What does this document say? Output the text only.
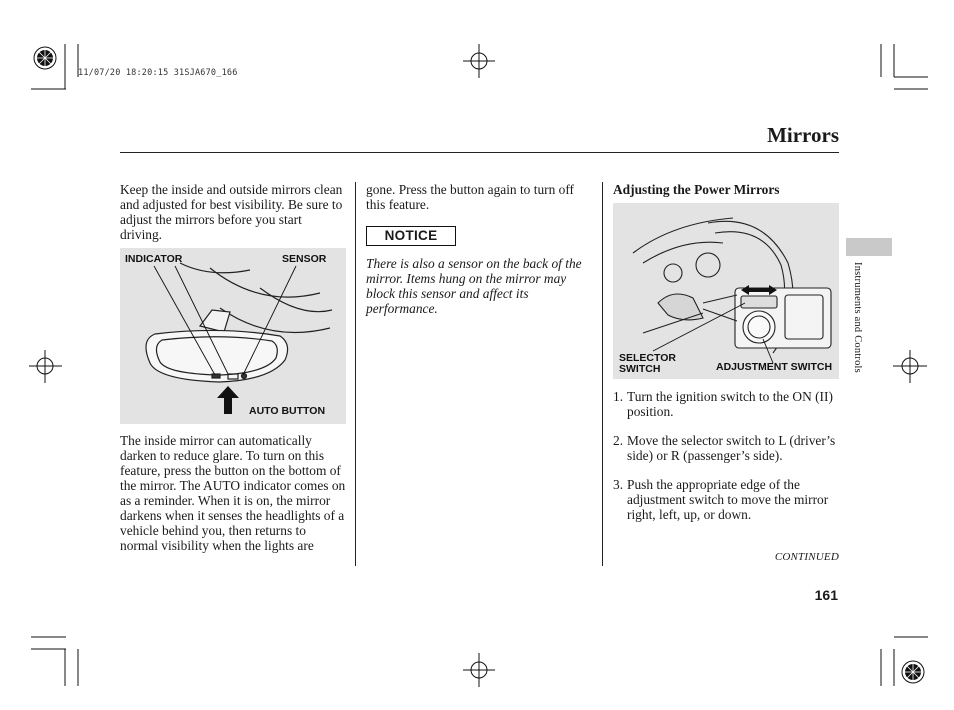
11/07/20 18:20:15 31SJA670_166
Mirrors
Keep the inside and outside mirrors clean and adjusted for best visibility. Be sure to adjust the mirrors before you start driving.
INDICATOR	SENSOR
AUTO BUTTON
The inside mirror can automatically darken to reduce glare. To turn on this feature, press the button on the bottom of the mirror. The AUTO indicator comes on as a reminder. When it is on, the mirror darkens when it senses the headlights of a vehicle behind you, then returns to normal visibility when the lights are
gone. Press the button again to turn off this feature.
NOTICE
There is also a sensor on the back of the mirror. Items hung on the mirror may block this sensor and affect its performance.
Adjusting the Power Mirrors
SELECTOR
SWITCH	ADJUSTMENT SWITCH
1. Turn the ignition switch to the ON (II) position.
2. Move the selector switch to L (driver’s side) or R (passenger’s side).
3. Push the appropriate edge of the adjustment switch to move the mirror right, left, up, or down.
CONTINUED
161
Instruments and Controls
